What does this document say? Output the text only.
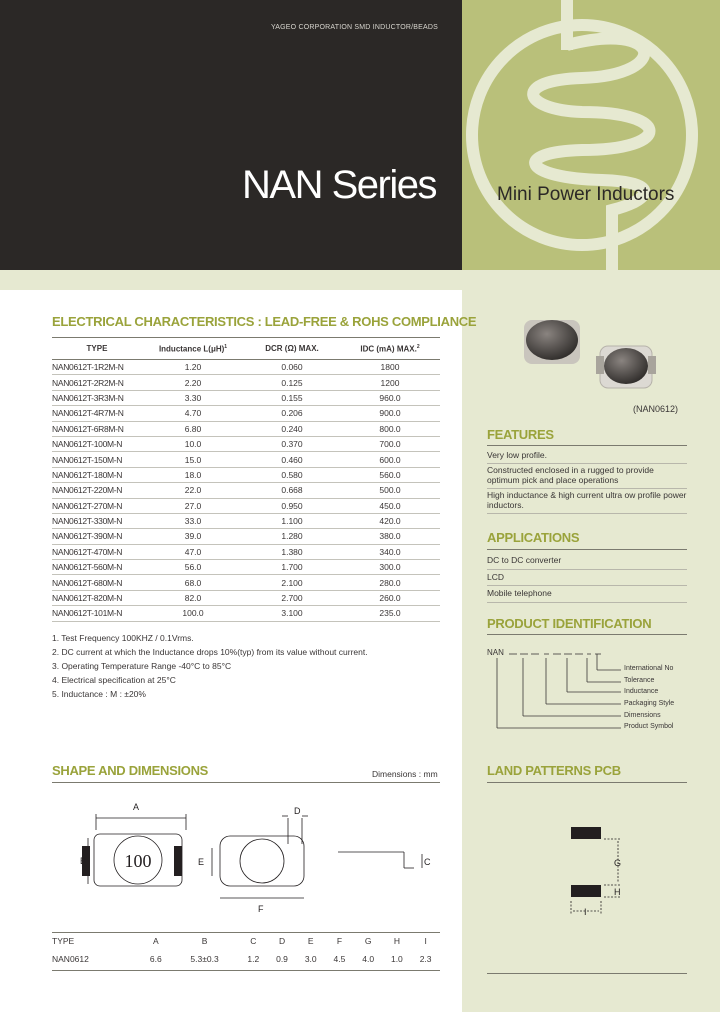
YAGEO CORPORATION SMD INDUCTOR/BEADS
NAN Series	Mini Power Inductors
ELECTRICAL CHARACTERISTICS : LEAD-FREE & ROHS COMPLIANCE
TYPE	Inductance $L(\mu H)^1$	DCR (Ω) MAX.	IDC (mA) MAX.$^2$
NAN0612T-1R2M-N	1.20	0.060	1800
NAN0612T-2R2M-N	2.20	0.125	1200
NAN0612T-3R3M-N	3.30	0.155	960.0
NAN0612T-4R7M-N	4.70	0.206	900.0
NAN0612T-6R8M-N	6.80	0.240	800.0
NAN0612T-100M-N	10.0	0.370	700.0
NAN0612T-150M-N	15.0	0.460	600.0
NAN0612T-180M-N	18.0	0.580	560.0
NAN0612T-220M-N	22.0	0.668	500.0
NAN0612T-270M-N	27.0	0.950	450.0
NAN0612T-330M-N	33.0	1.100	420.0
NAN0612T-390M-N	39.0	1.280	380.0
NAN0612T-470M-N	47.0	1.380	340.0
NAN0612T-560M-N	56.0	1.700	300.0
NAN0612T-680M-N	68.0	2.100	280.0
NAN0612T-820M-N	82.0	2.700	260.0
NAN0612T-101M-N	100.0	3.100	235.0
1. Test Frequency 100KHZ / 0.1Vrms.
2. DC current at which the Inductance drops 10%(typ) from its value without current.
3. Operating Temperature Range -40°C to 85°C
4. Electrical specification at 25°C
5. Inductance : M : ±20%
(NAN0612)
FEATURES
Very low profile.
Constructed enclosed in a rugged to provide optimum pick and place operations
High inductance & high current ultra ow profile power inductors.
APPLICATIONS
DC to DC converter
LCD
Mobile telephone
PRODUCT IDENTIFICATION
NAN
International No
Tolerance
Inductance
Packaging Style
Dimensions
Product Symbol
SHAPE AND DIMENSIONS	Dimensions : mm
A
B 100
D
E
F
C
TYPE	A	B	C	D	E	F	G	H	I
NAN0612	6.6	5.3±0.3	1.2	0.9	3.0	4.5	4.0	1.0	2.3
LAND PATTERNS PCB
G
H
I
